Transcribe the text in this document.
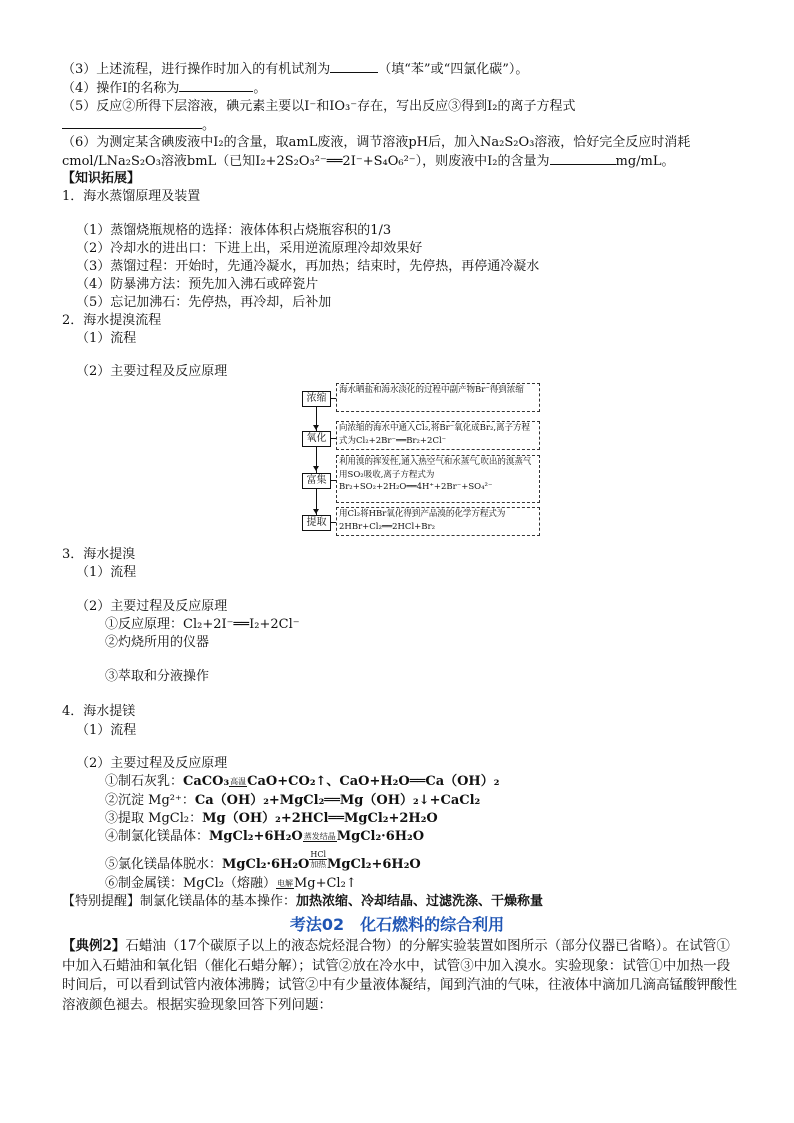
（3）上述流程，进行操作时加入的有机试剂为	（填“苯”或“四氯化碳”）。
（4）操作I的名称为	。
（5）反应②所得下层溶液，碘元素主要以I⁻和IO₃⁻存在，写出反应③得到I₂的离子方程式
。
（6）为测定某含碘废液中I₂的含量，取amL废液，调节溶液pH后，加入Na₂S₂O₃溶液，恰好完全反应时消耗
cmol/LNa₂S₂O₃溶液bmL（已知I₂+2S₂O₃²⁻══2I⁻+S₄O₆²⁻），则废液中I₂的含量为	mg/mL。
【知识拓展】
1．海水蒸馏原理及装置
（1）蒸馏烧瓶规格的选择：液体体积占烧瓶容积的1/3
（2）冷却水的进出口：下进上出，采用逆流原理冷却效果好
（3）蒸馏过程：开始时，先通冷凝水，再加热；结束时，先停热，再停通冷凝水
（4）防暴沸方法：预先加入沸石或碎瓷片
（5）忘记加沸石：先停热，再冷却，后补加
2．海水提溴流程
（1）流程
（2）主要过程及反应原理
浓缩
海水晒盐和海水淡化的过程中副产物Br⁻得到浓缩
氧化
向浓缩的海水中通入Cl₂,将Br⁻氧化成Br₂,离子方程式为Cl₂+2Br⁻══Br₂+2Cl⁻
富集
利用溴的挥发性,通入热空气和水蒸气,吹出的溴蒸气用SO₂吸收,离子方程式为Br₂+SO₂+2H₂O══4H⁺+2Br⁻+SO₄²⁻
提取
用Cl₂将HBr氧化得到产品溴的化学方程式为2HBr+Cl₂══2HCl+Br₂
3．海水提溴
（1）流程
（2）主要过程及反应原理
①反应原理：Cl₂+2I⁻══I₂+2Cl⁻
②灼烧所用的仪器
③萃取和分液操作
4．海水提镁
（1）流程
（2）主要过程及反应原理
①制石灰乳：CaCO₃ 高温 CaO+CO₂↑、CaO+H₂O══Ca（OH）₂
②沉淀 Mg²⁺：Ca（OH）₂+MgCl₂══Mg（OH）₂↓+CaCl₂
③提取 MgCl₂：Mg（OH）₂+2HCl══MgCl₂+2H₂O
④制氯化镁晶体：MgCl₂+6H₂O 蒸发结晶 MgCl₂·6H₂O
⑤氯化镁晶体脱水：MgCl₂·6H₂O
HCl
加热 MgCl₂+6H₂O
⑥制金属镁：MgCl₂（熔融） 电解 Mg+Cl₂↑
【特别提醒】制氯化镁晶体的基本操作：加热浓缩、冷却结晶、过滤洗涤、干燥称量
考法02　化石燃料的综合利用
【典例2】石蜡油（17个碳原子以上的液态烷烃混合物）的分解实验装置如图所示（部分仪器已省略）。在试管①中加入石蜡油和氧化铝（催化石蜡分解）；试管②放在冷水中，试管③中加入溴水。实验现象：试管①中加热一段时间后，可以看到试管内液体沸腾；试管②中有少量液体凝结，闻到汽油的气味，往液体中滴加几滴高锰酸钾酸性溶液颜色褪去。根据实验现象回答下列问题：
